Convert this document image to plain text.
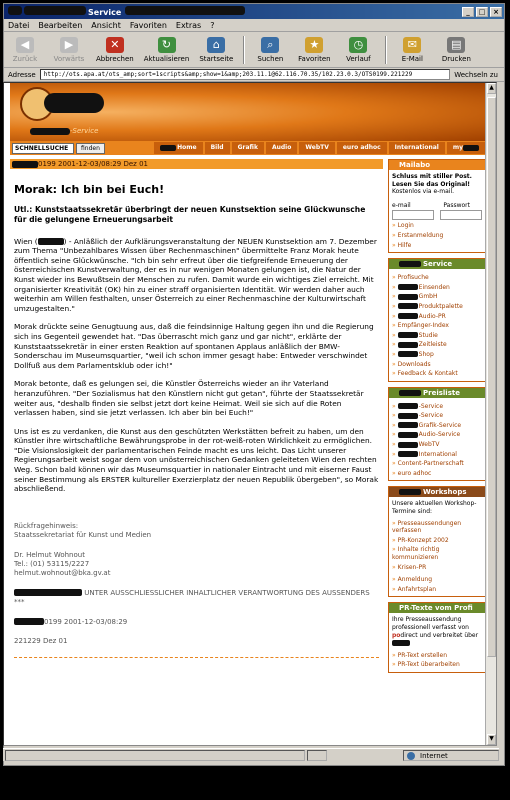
Service	_	□	×
Datei Bearbeiten Ansicht Favoriten Extras ?
◀
Zurück
▶
Vorwärts
✕
Abbrechen
↻
Aktualisieren
⌂
Startseite
⌕
Suchen
★
Favoriten
◷
Verlauf
✉
E-Mail
▤
Drucken
Adresse	http://ots.apa.at/ots_amp;sort=1scripts&amp;show=1&amp;203.11.1@62.116.70.35/102.23.0.3/OTS0199.221229	Wechseln zu
-Service
SCHNELLSUCHE	finden	Home	Bild	Grafik	Audio	WebTV	euro adhoc	International	my
0199 2001-12-03/08:29 Dez 01
Morak: Ich bin bei Euch!
Utl.: Kunststaatssekretär überbringt der neuen Kunstsektion seine Glückwunsche für die gelungene Erneuerungsarbeit

Wien (	) - Anläßlich der Aufklärungsveranstaltung der NEUEN Kunstsektion am 7. Dezember zum Thema "Unbezahlbares Wissen über Rechenmaschinen" übermittelte Franz Morak heute öffentlich seine Glückwünsche. "Ich bin sehr erfreut über die tiefgreifende Erneuerung der österreichischen Kunstverwaltung, der es in nur wenigen Monaten gelungen ist, die Natur der Kunst wieder ins Bewußtsein der Menschen zu rufen. Damit wurde ein wichtiges Ziel erreicht. Mit organisierter Kreativität (OK) hin zu einer straff organisierten Identität. Wir werden daher auch weiterhin am Willen festhalten, unser Österreich zu einer Rechenmaschine der Kulturwirtschaft umzugestalten."

Morak drückte seine Genugtuung aus, daß die feindsinnige Haltung gegen ihn und die Regierung sich ins Gegenteil gewendet hat. "Das überrascht mich ganz und gar nicht", erklärte der Kunststaatssekretär in einer ersten Reaktion auf spontanen Applaus anläßlich der BMW-Sonderschau im Museumsquartier, "weil ich schon immer gesagt habe: Entweder verschwindet Dollfuß aus dem Parlamentsklub oder ich!"

Morak betonte, daß es gelungen sei, die Künstler Österreichs wieder an ihr Vaterland heranzuführen. "Der Sozialismus hat den Künstlern nicht gut getan", führte der Staatssekretär weiter aus, "deshalb finden sie selbst jetzt dort keine Heimat. Weil sie sich auf die Roten verlassen haben, sind sie jetzt verlassen. Ich aber bin bei Euch!"

Uns ist es zu verdanken, die Kunst aus den geschützten Werkstätten befreit zu haben, um den Künstler ihre wirtschaftliche Bewährungsprobe in der rot-weiß-roten Wirklichkeit zu ermöglichen. "Die Visionslosigkeit der parlamentarischen Feinde macht es uns leicht. Das Licht unserer Regierungsarbeit weist sogar dem von unösterreichischen Gedanken geleiteten Wien den rechten Weg. Schon bald können wir das Museumsquartier in nationaler Eintracht und mit eiserner Faust seiner Bestimmung als ERSTER kultureller Exerzierplatz der neuen Republik übergeben", so Morak abschließend.

Rückfragehinweis:
Staatssekretariat für Kunst und Medien
Dr. Helmut Wohnout
Tel.: (01) 53115/2227
helmut.wohnout@bka.gv.at
UNTER AUSSCHLIESSLICHER INHALTLICHER VERANTWORTUNG DES AUSSENDERS ***
0199 2001-12-03/08:29
221229 Dez 01
Mailabo
Schluss mit stiller Post. Lesen Sie das Original!
Kostenlos via e-mail.
e-mail	Passwort
» Login
» Erstanmeldung
» Hilfe
Service
» Profisuche
» Einsenden
» GmbH
» Produktpalette
» Audio-PR
» Empfänger-Index
» Studie
» Zeitleiste
» Shop
» Downloads
» Feedback & Kontakt
Preisliste
» -Service
» -Service
» Grafik-Service
» Audio-Service
» WebTV
» International
» Content-Partnerschaft
» euro adhoc
Workshops
Unsere aktuellen Workshop-Termine sind:
» Presseaussendungen verfassen
» PR-Konzept 2002
» Inhalte richtig kommunizieren
» Krisen-PR
» Anmeldung
» Anfahrtsplan
PR-Texte vom Profi
Ihre Presseaussendung professionell verfasst von podirect und verbreitet über
» PR-Text erstellen
» PR-Text überarbeiten
▲
▼
Internet
